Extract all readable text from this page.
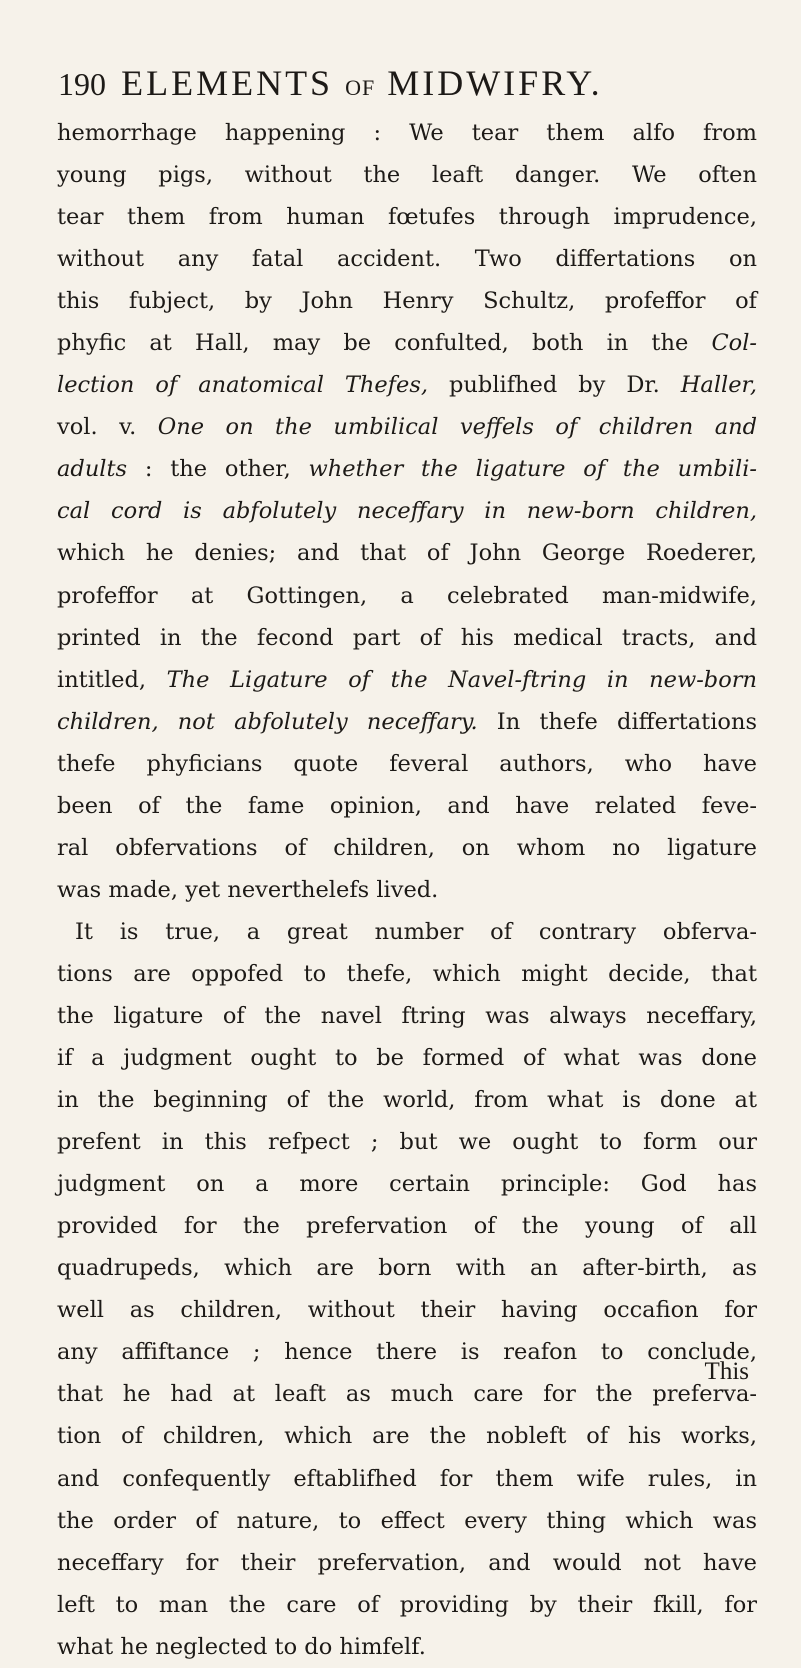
190 ELEMENTS OF MIDWIFRY.
hemorrhage happening : We tear them alfo from
young pigs, without the leaft danger. We often
tear them from human fœtufes through imprudence,
without any fatal accident. Two differtations on
this fubject, by John Henry Schultz, profeffor of
phyfic at Hall, may be confulted, both in the Col-
lection of anatomical Thefes, publifhed by Dr. Haller,
vol. v. One on the umbilical veffels of children and
adults : the other, whether the ligature of the umbili-
cal cord is abfolutely neceffary in new-born children,
which he denies; and that of John George Roederer,
profeffor at Gottingen, a celebrated man-midwife,
printed in the fecond part of his medical tracts, and
intitled, The Ligature of the Navel-ftring in new-born
children, not abfolutely neceffary. In thefe differtations
thefe phyficians quote feveral authors, who have
been of the fame opinion, and have related feve-
ral obfervations of children, on whom no ligature
was made, yet neverthelefs lived.
It is true, a great number of contrary obferva-
tions are oppofed to thefe, which might decide, that
the ligature of the navel ftring was always neceffary,
if a judgment ought to be formed of what was done
in the beginning of the world, from what is done at
prefent in this refpect ; but we ought to form our
judgment on a more certain principle: God has
provided for the prefervation of the young of all
quadrupeds, which are born with an after-birth, as
well as children, without their having occafion for
any affiftance ; hence there is reafon to conclude,
that he had at leaft as much care for the preferva-
tion of children, which are the nobleft of his works,
and confequently eftablifhed for them wife rules, in
the order of nature, to effect every thing which was
neceffary for their prefervation, and would not have
left to man the care of providing by their fkill, for
what he neglected to do himfelf.
This
